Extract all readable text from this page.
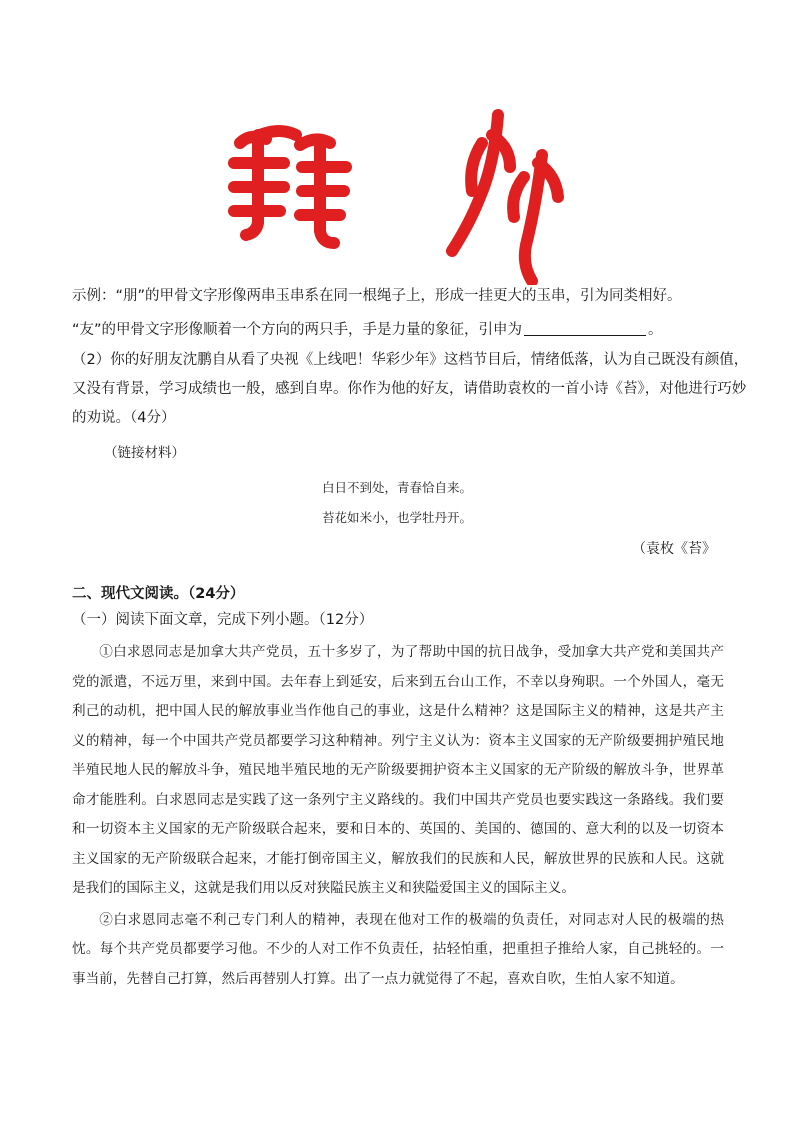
示例：“朋”的甲骨文字形像两串玉串系在同一根绳子上，形成一挂更大的玉串，引为同类相好。
“友”的甲骨文字形像顺着一个方向的两只手，手是力量的象征，引申为	。
（2）你的好朋友沈鹏自从看了央视《上线吧！华彩少年》这档节目后，情绪低落，认为自己既没有颜值，
又没有背景，学习成绩也一般，感到自卑。你作为他的好友，请借助袁枚的一首小诗《苔》，对他进行巧妙
的劝说。（4分）
（链接材料）
白日不到处，青春恰自来。
苔花如米小，也学牡丹开。
（袁枚《苔》
二、现代文阅读。（24分）
（一）阅读下面文章，完成下列小题。（12分）

①白求恩同志是加拿大共产党员，五十多岁了，为了帮助中国的抗日战争，受加拿大共产党和美国共产党的派遣，不远万里，来到中国。去年春上到延安，后来到五台山工作，不幸以身殉职。一个外国人，毫无利己的动机，把中国人民的解放事业当作他自己的事业，这是什么精神？这是国际主义的精神，这是共产主义的精神，每一个中国共产党员都要学习这种精神。列宁主义认为：资本主义国家的无产阶级要拥护殖民地半殖民地人民的解放斗争，殖民地半殖民地的无产阶级要拥护资本主义国家的无产阶级的解放斗争，世界革命才能胜利。白求恩同志是实践了这一条列宁主义路线的。我们中国共产党员也要实践这一条路线。我们要和一切资本主义国家的无产阶级联合起来，要和日本的、英国的、美国的、德国的、意大利的以及一切资本主义国家的无产阶级联合起来，才能打倒帝国主义，解放我们的民族和人民，解放世界的民族和人民。这就是我们的国际主义，这就是我们用以反对狭隘民族主义和狭隘爱国主义的国际主义。

②白求恩同志毫不利己专门利人的精神，表现在他对工作的极端的负责任，对同志对人民的极端的热忱。每个共产党员都要学习他。不少的人对工作不负责任，拈轻怕重，把重担子推给人家，自己挑轻的。一事当前，先替自己打算，然后再替别人打算。出了一点力就觉得了不起，喜欢自吹，生怕人家不知道。
